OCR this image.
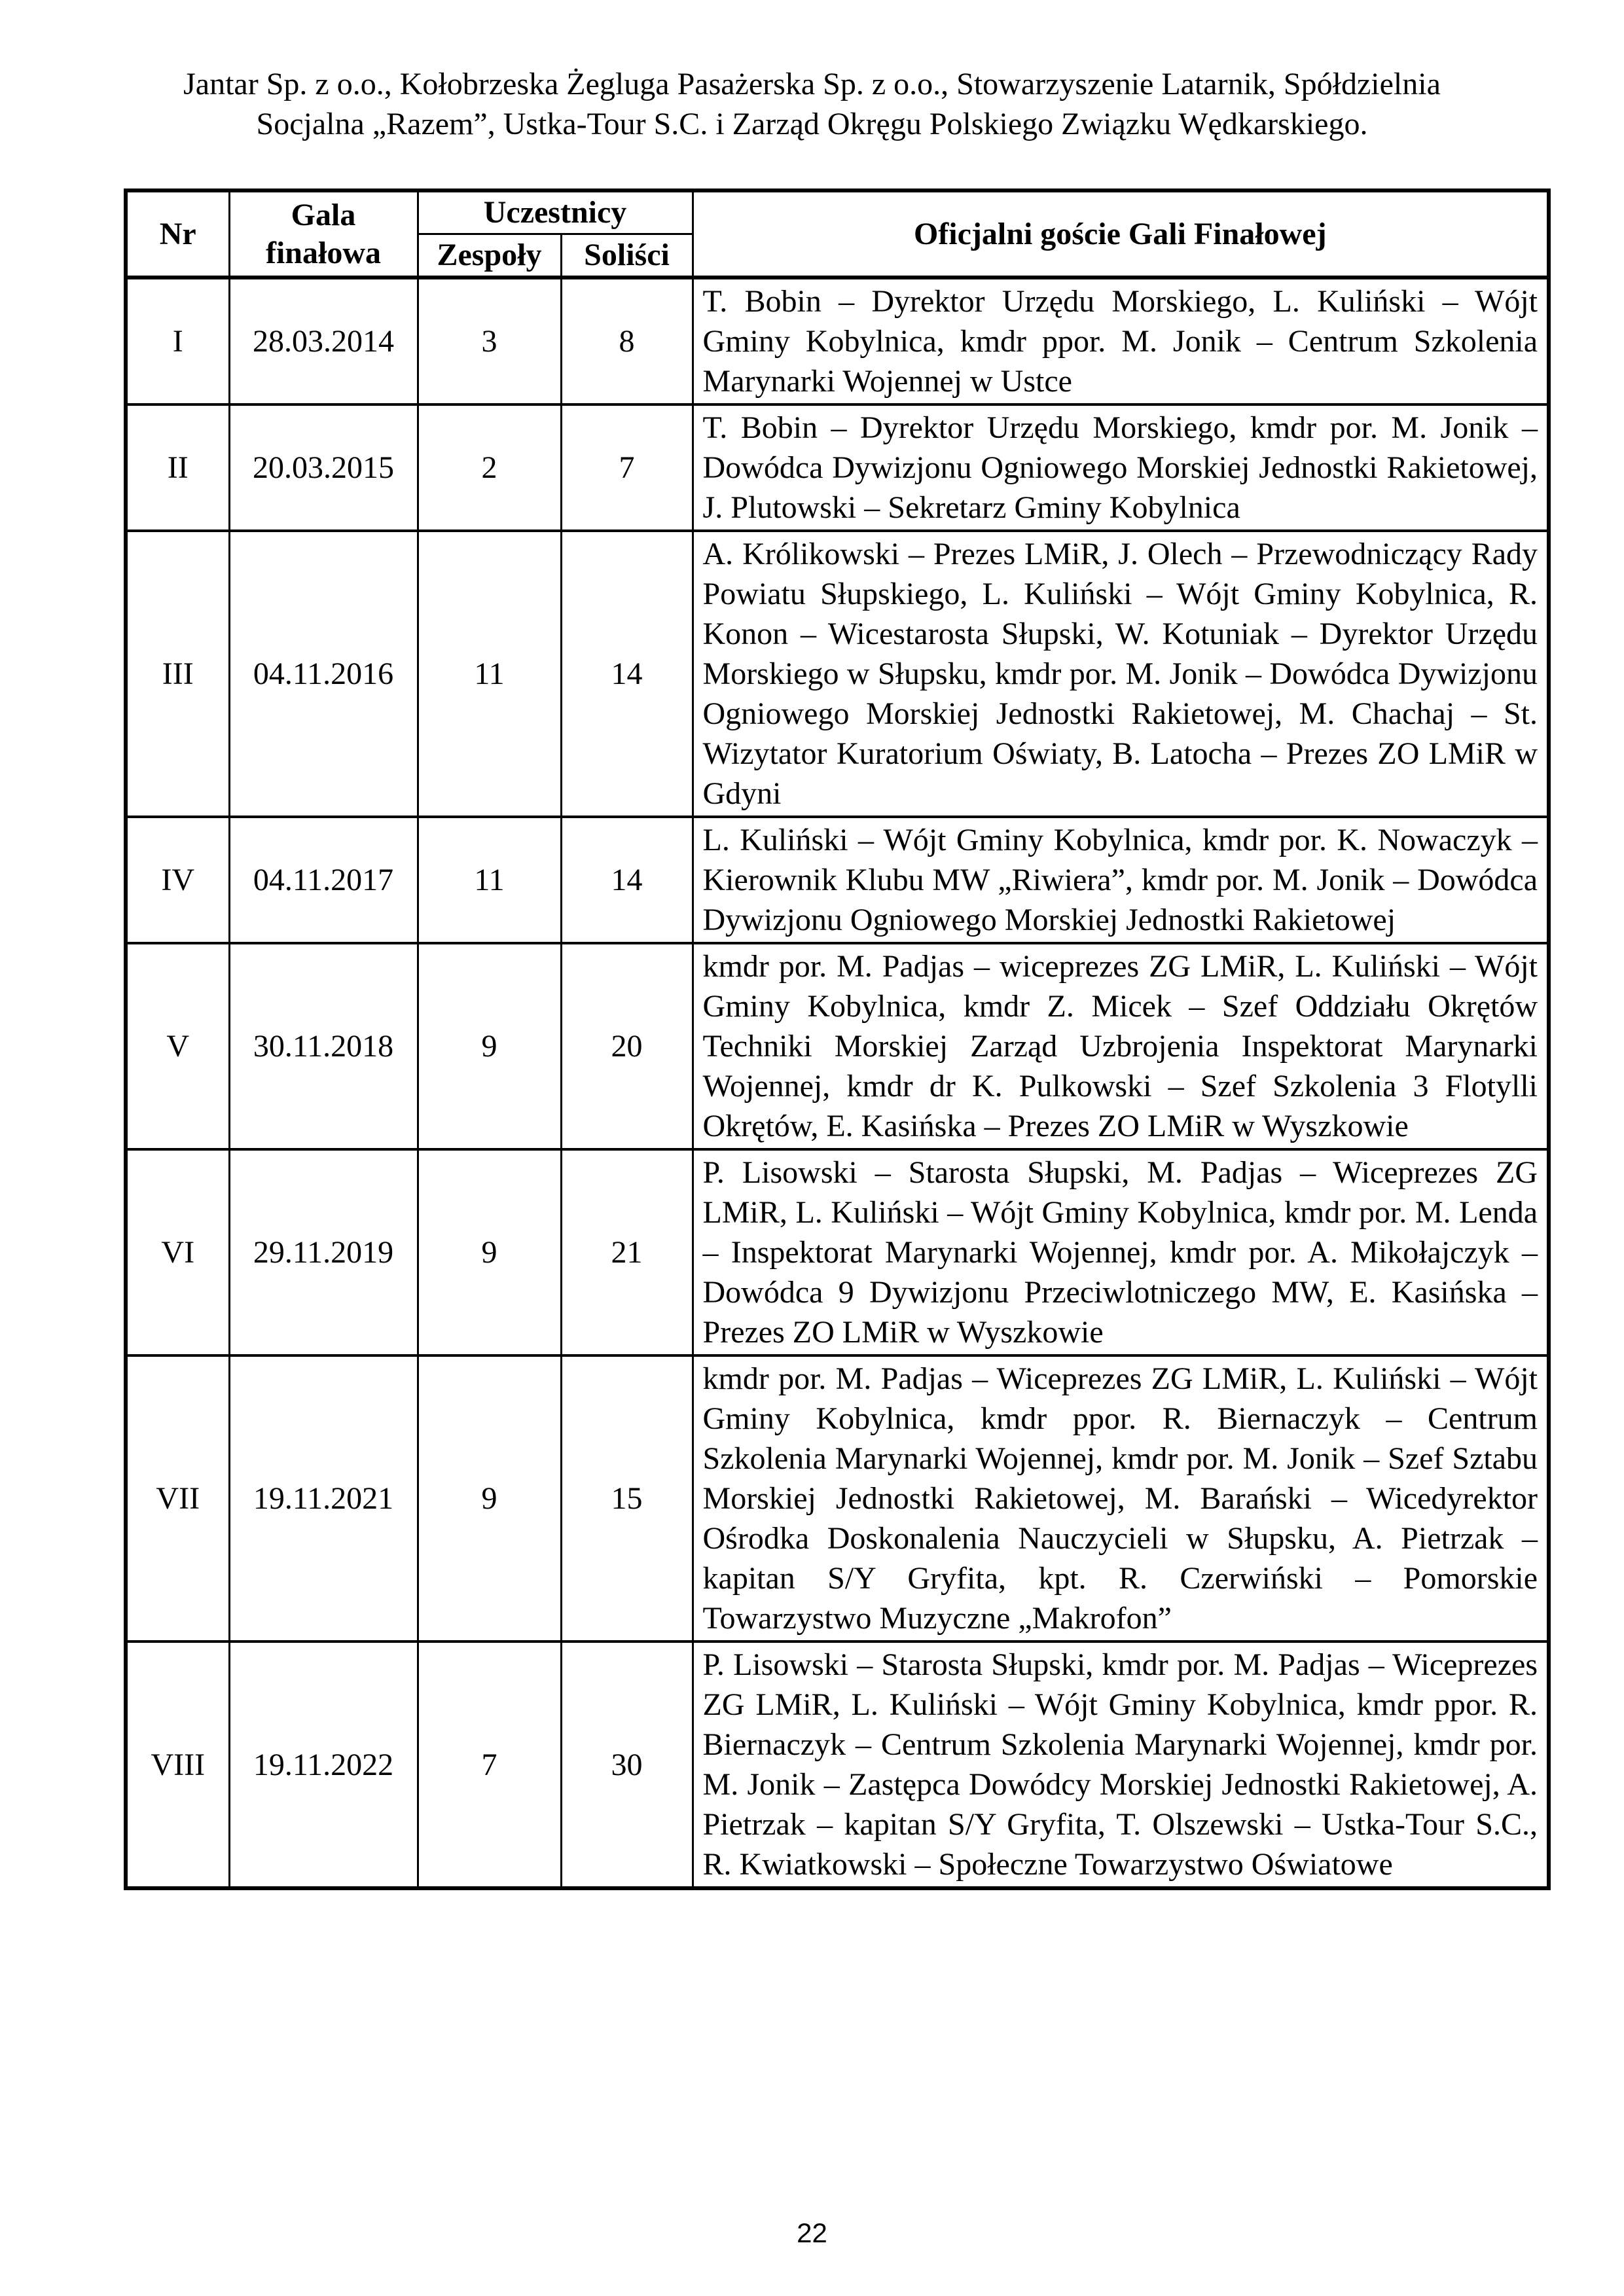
Jantar Sp. z o.o., Kołobrzeska Żegluga Pasażerska Sp. z o.o., Stowarzyszenie Latarnik, Spółdzielnia Socjalna „Razem”, Ustka-Tour S.C. i Zarząd Okręgu Polskiego Związku Wędkarskiego.

Nr	Gala finałowa	Uczestnicy		Oficjalni goście Gali Finałowej
		Zespoły	Soliści	
I	28.03.2014	3	8	T. Bobin – Dyrektor Urzędu Morskiego, L. Kuliński – Wójt Gminy Kobylnica, kmdr ppor. M. Jonik – Centrum Szkolenia Marynarki Wojennej w Ustce
II	20.03.2015	2	7	T. Bobin – Dyrektor Urzędu Morskiego, kmdr por. M. Jonik – Dowódca Dywizjonu Ogniowego Morskiej Jednostki Rakietowej, J. Plutowski – Sekretarz Gminy Kobylnica
III	04.11.2016	11	14	A. Królikowski – Prezes LMiR, J. Olech – Przewodniczący Rady Powiatu Słupskiego, L. Kuliński – Wójt Gminy Kobylnica, R. Konon – Wicestarosta Słupski, W. Kotuniak – Dyrektor Urzędu Morskiego w Słupsku, kmdr por. M. Jonik – Dowódca Dywizjonu Ogniowego Morskiej Jednostki Rakietowej, M. Chachaj – St. Wizytator Kuratorium Oświaty, B. Latocha – Prezes ZO LMiR w Gdyni
IV	04.11.2017	11	14	L. Kuliński – Wójt Gminy Kobylnica, kmdr por. K. Nowaczyk – Kierownik Klubu MW „Riwiera”, kmdr por. M. Jonik – Dowódca Dywizjonu Ogniowego Morskiej Jednostki Rakietowej
V	30.11.2018	9	20	kmdr por. M. Padjas – wiceprezes ZG LMiR, L. Kuliński – Wójt Gminy Kobylnica, kmdr Z. Micek – Szef Oddziału Okrętów Techniki Morskiej Zarząd Uzbrojenia Inspektorat Marynarki Wojennej, kmdr dr K. Pulkowski – Szef Szkolenia 3 Flotylli Okrętów, E. Kasińska – Prezes ZO LMiR w Wyszkowie
VI	29.11.2019	9	21	P. Lisowski – Starosta Słupski, M. Padjas – Wiceprezes ZG LMiR, L. Kuliński – Wójt Gminy Kobylnica, kmdr por. M. Lenda – Inspektorat Marynarki Wojennej, kmdr por. A. Mikołajczyk – Dowódca 9 Dywizjonu Przeciwlotniczego MW, E. Kasińska – Prezes ZO LMiR w Wyszkowie
VII	19.11.2021	9	15	kmdr por. M. Padjas – Wiceprezes ZG LMiR, L. Kuliński – Wójt Gminy Kobylnica, kmdr ppor. R. Biernaczyk – Centrum Szkolenia Marynarki Wojennej, kmdr por. M. Jonik – Szef Sztabu Morskiej Jednostki Rakietowej, M. Barański – Wicedyrektor Ośrodka Doskonalenia Nauczycieli w Słupsku, A. Pietrzak – kapitan S/Y Gryfita, kpt. R. Czerwiński – Pomorskie Towarzystwo Muzyczne „Makrofon”
VIII	19.11.2022	7	30	P. Lisowski – Starosta Słupski, kmdr por. M. Padjas – Wiceprezes ZG LMiR, L. Kuliński – Wójt Gminy Kobylnica, kmdr ppor. R. Biernaczyk – Centrum Szkolenia Marynarki Wojennej, kmdr por. M. Jonik – Zastępca Dowódcy Morskiej Jednostki Rakietowej, A. Pietrzak – kapitan S/Y Gryfita, T. Olszewski – Ustka-Tour S.C., R. Kwiatkowski – Społeczne Towarzystwo Oświatowe
22
